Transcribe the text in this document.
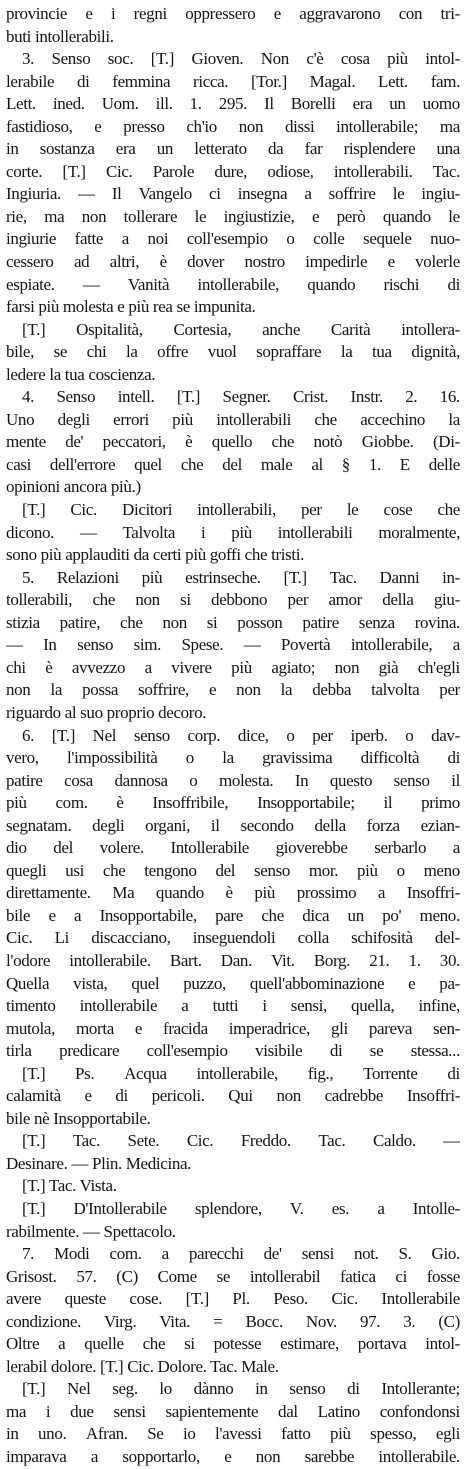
provincie e i regni oppressero e aggravarono con tri-
buti intollerabili.
3. Senso soc. [T.] Gioven. Non c'è cosa più intol-
lerabile di femmina ricca. [Tor.] Magal. Lett. fam.
Lett. ined. Uom. ill. 1. 295. Il Borelli era un uomo
fastidioso, e presso ch'io non dissi intollerabile; ma
in sostanza era un letterato da far risplendere una
corte. [T.] Cic. Parole dure, odiose, intollerabili. Tac.
Ingiuria. — Il Vangelo ci insegna a soffrire le ingiu-
rie, ma non tollerare le ingiustizie, e però quando le
ingiurie fatte a noi coll'esempio o colle sequele nuo-
cessero ad altri, è dover nostro impedirle e volerle
espiate. — Vanità intollerabile, quando rischi di
farsi più molesta e più rea se impunita.
[T.] Ospitalità, Cortesia, anche Carità intollera-
bile, se chi la offre vuol sopraffare la tua dignità,
ledere la tua coscienza.
4. Senso intell. [T.] Segner. Crist. Instr. 2. 16.
Uno degli errori più intollerabili che accechino la
mente de' peccatori, è quello che notò Giobbe. (Di-
casi dell'errore quel che del male al § 1. E delle
opinioni ancora più.)
[T.] Cic. Dicitori intollerabili, per le cose che
dicono. — Talvolta i più intollerabili moralmente,
sono più applauditi da certi più goffi che tristi.
5. Relazioni più estrinseche. [T.] Tac. Danni in-
tollerabili, che non si debbono per amor della giu-
stizia patire, che non si posson patire senza rovina.
— In senso sim. Spese. — Povertà intollerabile, a
chi è avvezzo a vivere più agiato; non già ch'egli
non la possa soffrire, e non la debba talvolta per
riguardo al suo proprio decoro.
6. [T.] Nel senso corp. dice, o per iperb. o dav-
vero, l'impossibilità o la gravissima difficoltà di
patire cosa dannosa o molesta. In questo senso il
più com. è Insoffribile, Insopportabile; il primo
segnatam. degli organi, il secondo della forza ezian-
dio del volere. Intollerabile gioverebbe serbarlo a
quegli usi che tengono del senso mor. più o meno
direttamente. Ma quando è più prossimo a Insoffri-
bile e a Insopportabile, pare che dica un po' meno.
Cic. Li discacciano, inseguendoli colla schifosità del-
l'odore intollerabile. Bart. Dan. Vit. Borg. 21. 1. 30.
Quella vista, quel puzzo, quell'abbominazione e pa-
timento intollerabile a tutti i sensi, quella, infine,
mutola, morta e fracida imperadrice, gli pareva sen-
tirla predicare coll'esempio visibile di se stessa...
[T.] Ps. Acqua intollerabile, fig., Torrente di
calamità e di pericoli. Qui non cadrebbe Insoffri-
bile nè Insopportabile.
[T.] Tac. Sete. Cic. Freddo. Tac. Caldo. —
Desinare. — Plin. Medicina.
[T.] Tac. Vista.
[T.] D'Intollerabile splendore, V. es. a Intolle-
rabilmente. — Spettacolo.
7. Modi com. a parecchi de' sensi not. S. Gio.
Grisost. 57. (C) Come se intollerabil fatica ci fosse
avere queste cose. [T.] Pl. Peso. Cic. Intollerabile
condizione. Virg. Vita. = Bocc. Nov. 97. 3. (C)
Oltre a quelle che si potesse estimare, portava intol-
lerabil dolore. [T.] Cic. Dolore. Tac. Male.
[T.] Nel seg. lo dànno in senso di Intollerante;
ma i due sensi sapientemente dal Latino confondonsi
in uno. Afran. Se io l'avessi fatto più spesso, egli
imparava a sopportarlo, e non sarebbe intollerabile.
